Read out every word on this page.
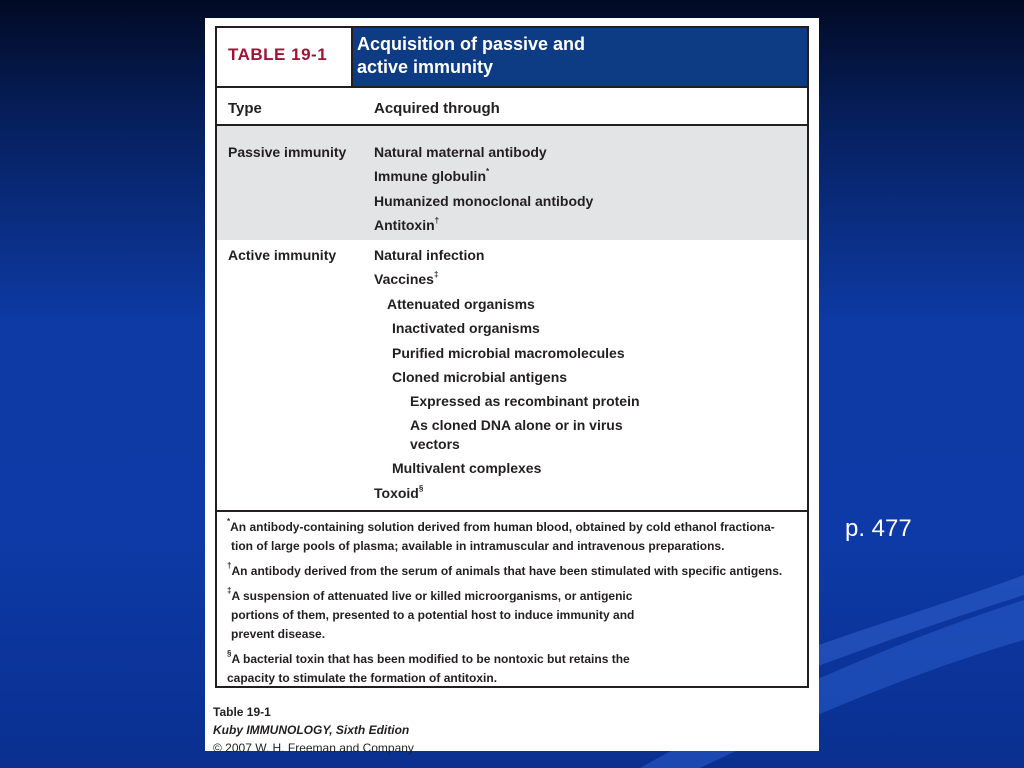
TABLE 19-1
Acquisition of passive and
active immunity
Type	Acquired through
Passive immunity Natural maternal antibody
Immune globulin*
Humanized monoclonal antibody
Antitoxin†
Active immunity	Natural infection
Vaccines‡
Attenuated organisms
Inactivated organisms
Purified microbial macromolecules
Cloned microbial antigens
Expressed as recombinant protein
As cloned DNA alone or in virus
vectors
Multivalent complexes
Toxoid§
*An antibody-containing solution derived from human blood, obtained by cold ethanol fractiona-
tion of large pools of plasma; available in intramuscular and intravenous preparations.
†An antibody derived from the serum of animals that have been stimulated with specific antigens.
‡A suspension of attenuated live or killed microorganisms, or antigenic
portions of them, presented to a potential host to induce immunity and
prevent disease.
§A bacterial toxin that has been modified to be nontoxic but retains the
capacity to stimulate the formation of antitoxin.
Table 19-1
Kuby IMMUNOLOGY, Sixth Edition
© 2007 W. H. Freeman and Company
p. 477
